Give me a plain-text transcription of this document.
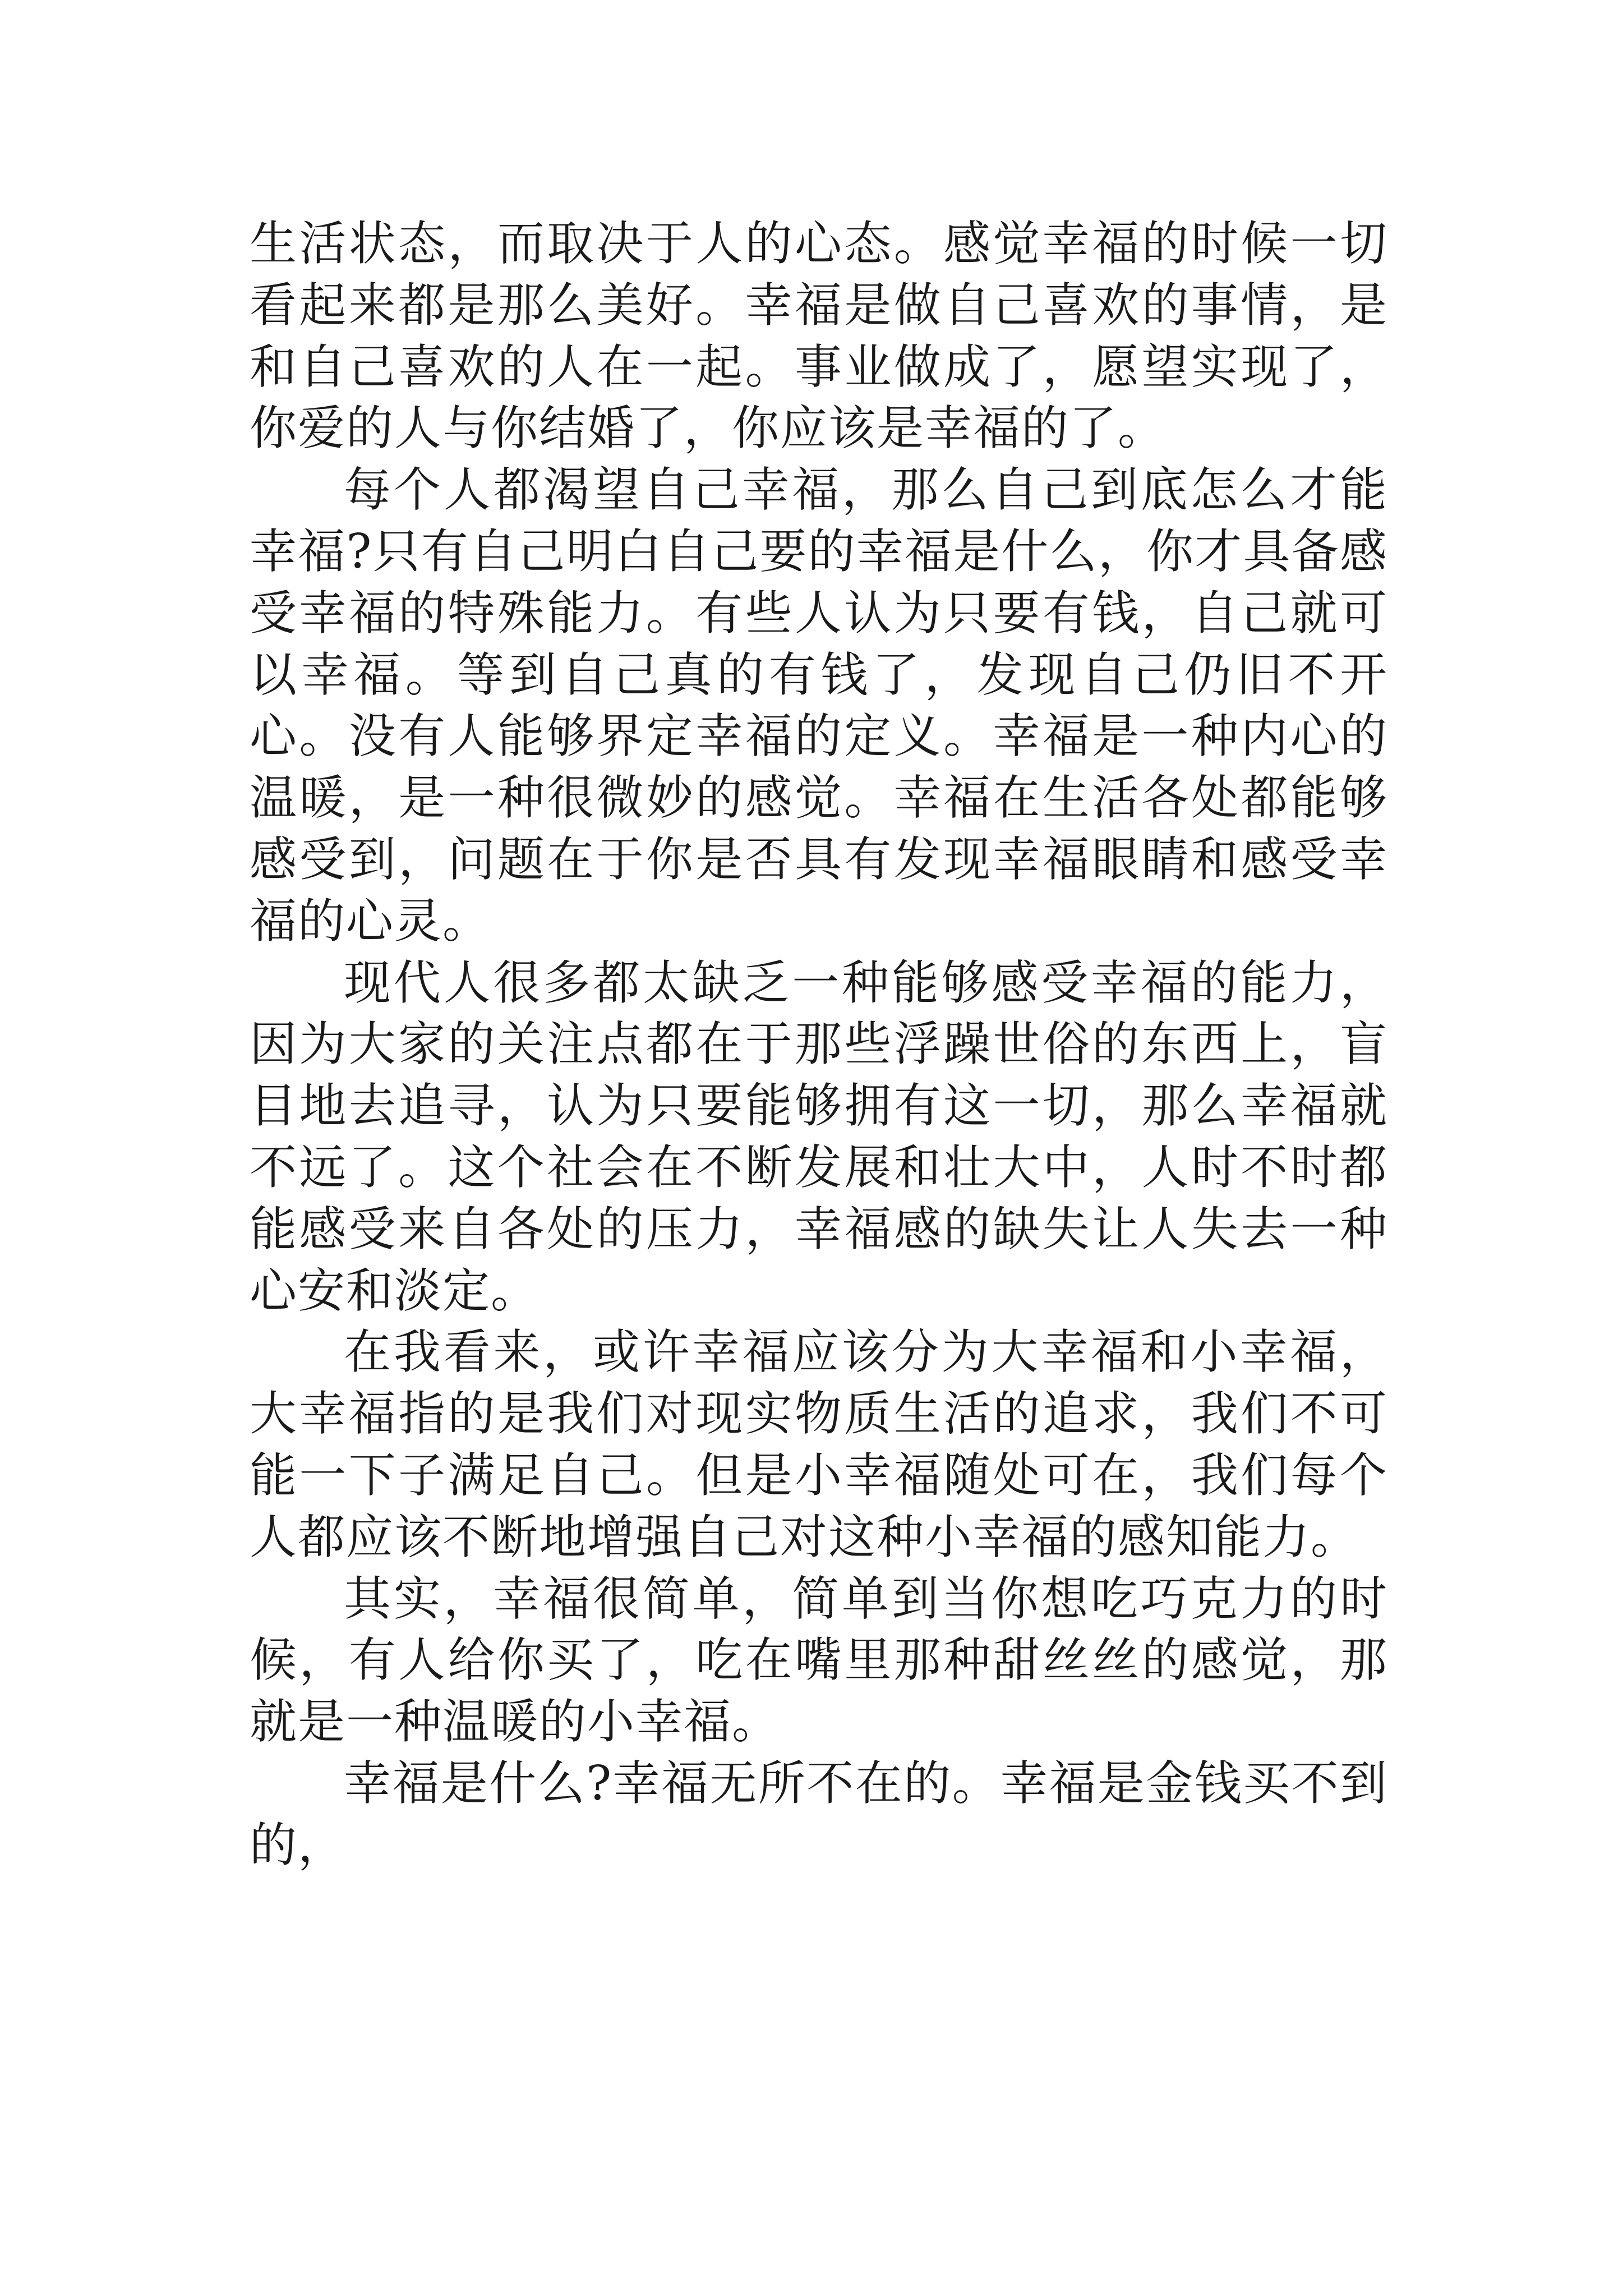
生活状态，而取决于人的心态。感觉幸福的时候一切看起来都是那么美好。幸福是做自己喜欢的事情，是和自己喜欢的人在一起。事业做成了，愿望实现了，你爱的人与你结婚了，你应该是幸福的了。

每个人都渴望自己幸福，那么自己到底怎么才能幸福?只有自己明白自己要的幸福是什么，你才具备感受幸福的特殊能力。有些人认为只要有钱，自己就可以幸福。等到自己真的有钱了，发现自己仍旧不开心。没有人能够界定幸福的定义。幸福是一种内心的温暖，是一种很微妙的感觉。幸福在生活各处都能够感受到，问题在于你是否具有发现幸福眼睛和感受幸福的心灵。

现代人很多都太缺乏一种能够感受幸福的能力，因为大家的关注点都在于那些浮躁世俗的东西上，盲目地去追寻，认为只要能够拥有这一切，那么幸福就不远了。这个社会在不断发展和壮大中，人时不时都能感受来自各处的压力，幸福感的缺失让人失去一种心安和淡定。

在我看来，或许幸福应该分为大幸福和小幸福，大幸福指的是我们对现实物质生活的追求，我们不可能一下子满足自己。但是小幸福随处可在，我们每个人都应该不断地增强自己对这种小幸福的感知能力。

其实，幸福很简单，简单到当你想吃巧克力的时候，有人给你买了，吃在嘴里那种甜丝丝的感觉，那就是一种温暖的小幸福。

幸福是什么?幸福无所不在的。幸福是金钱买不到的，
